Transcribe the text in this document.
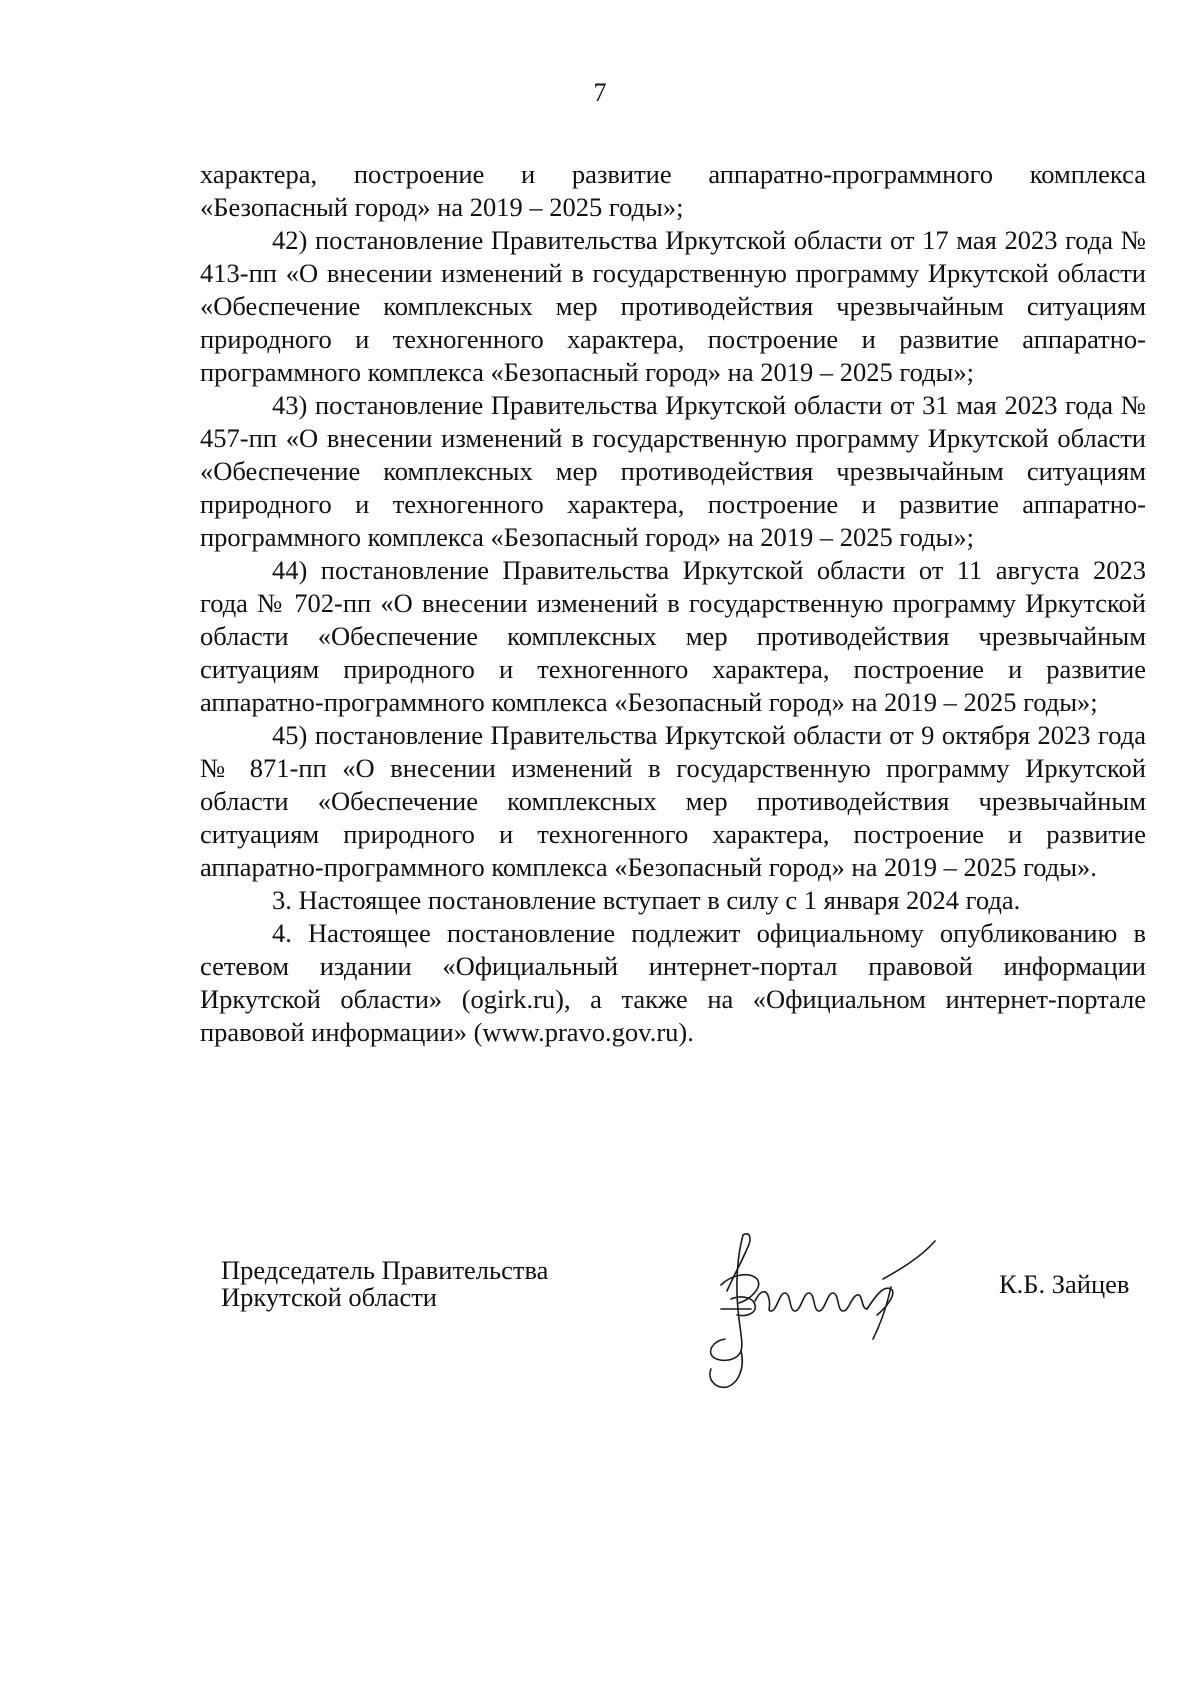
7

характера, построение и развитие аппаратно-программного комплекса «Безопасный город» на 2019 – 2025 годы»;

42) постановление Правительства Иркутской области от 17 мая 2023 года № 413-пп «О внесении изменений в государственную программу Иркутской области «Обеспечение комплексных мер противодействия чрезвычайным ситуациям природного и техногенного характера, построение и развитие аппаратно-программного комплекса «Безопасный город» на 2019 – 2025 годы»;

43) постановление Правительства Иркутской области от 31 мая 2023 года № 457-пп «О внесении изменений в государственную программу Иркутской области «Обеспечение комплексных мер противодействия чрезвычайным ситуациям природного и техногенного характера, построение и развитие аппаратно-программного комплекса «Безопасный город» на 2019 – 2025 годы»;

44) постановление Правительства Иркутской области от 11 августа 2023 года № 702-пп «О внесении изменений в государственную программу Иркутской области «Обеспечение комплексных мер противодействия чрезвычайным ситуациям природного и техногенного характера, построение и развитие аппаратно-программного комплекса «Безопасный город» на 2019 – 2025 годы»;

45) постановление Правительства Иркутской области от 9 октября 2023 года № 871-пп «О внесении изменений в государственную программу Иркутской области «Обеспечение комплексных мер противодействия чрезвычайным ситуациям природного и техногенного характера, построение и развитие аппаратно-программного комплекса «Безопасный город» на 2019 – 2025 годы».

3. Настоящее постановление вступает в силу с 1 января 2024 года.

4. Настоящее постановление подлежит официальному опубликованию в сетевом издании «Официальный интернет-портал правовой информации Иркутской области» (ogirk.ru), а также на «Официальном интернет-портале правовой информации» (www.pravo.gov.ru).

Председатель Правительства
Иркутской области	К.Б. Зайцев
